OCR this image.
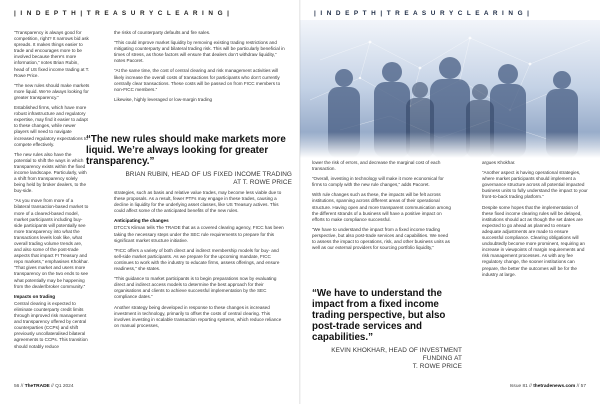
| I N D E P T H | T R E A S U R Y C L E A R I N G |

“Transparency is always good for competition, right? It narrows bid ask spreads. It makes things easier to trade and encourages more to be involved because there’s more information,” notes Brian Rubin, head of US fixed income trading at T. Rowe Price.

“The new rules should make markets more liquid. We’re always looking for greater transparency.”

Established firms, which have more robust infrastructure and regulatory expertise, may find it easier to adapt to these changes, while newer players will need to navigate increased regulatory expectations to compete effectively.

The new rules also have the potential to shift the ways in which transparency exists within the fixed income landscape. Particularly, with a shift from transparency solely being held by broker dealers, to the buy-side.

“As you move from more of a bilateral transaction-based market to more of a cleared-based model, market participants including buy-side participants will potentially see more transparency into what the transactions levels look like, what overall trading volume trends are, and also some of the post-trade aspects that impact FI Treasury and repo markets,” emphasises Khokhar. “That gives market and users more transparency on the two ends to see what potentially may be happening from the dealer/broker community.”

Impacts on trading

Central clearing is expected to eliminate counterparty credit limits through improved risk management and transparency offered by central counterparties (CCPs) and shift previously uncollateralised bilateral agreements to CCPs. This transition should notably reduce

the risks of counterparty defaults and fire sales.

“This could improve market liquidity by removing existing trading restrictions and mitigating counterparty and bilateral trading risk. This will be particularly beneficial in times of stress, as those factors will ensure that dealers don’t withdraw liquidity,” notes Pacoret.

“At the same time, the cost of central clearing and risk management activities will likely increase the overall costs of transactions for participants who don’t currently centrally clear transactions. These costs will be passed on from FICC members to non-FICC members.”

Likewise, highly leveraged or low-margin trading

“The new rules should make markets more liquid. We’re always looking for greater transparency.”
BRIAN RUBIN, HEAD OF US FIXED INCOME TRADING
AT T. ROWE PRICE

strategies, such as basis and relative value trades, may become less viable due to these proposals. As a result, fewer PTFs may engage in these trades, causing a decline in liquidity for the underlying asset classes, like US Treasury actives. This could affect some of the anticipated benefits of the new rules.

Anticipating the changes

DTCC’s Kliman tells The TRADE that as a covered clearing agency, FICC has been taking the necessary steps under the SEC rule requirements to prepare for this significant market structure initiative.

“FICC offers a variety of both direct and indirect membership models for buy- and sell-side market participants. As we prepare for the upcoming mandate, FICC continues to work with the industry to educate firms, assess offerings, and ensure readiness,” she states.

“This guidance to market participants is to begin preparations now by evaluating direct and indirect access models to determine the best approach for their organisations and clients to achieve successful implementation by the SEC compliance dates.”

Another strategy being developed in response to these changes is increased investment in technology, primarily to offset the costs of central clearing. This involves investing in scalable transaction reporting systems, which reduce reliance on manual processes,

56 // TheTRADE // Q1 2024
| I N D E P T H | T R E A S U R Y C L E A R I N G |

lower the risk of errors, and decrease the marginal cost of each transaction.

“Overall, investing in technology will make it more economical for firms to comply with the new rule changes,” adds Pacoret.

With rule changes such as these, the impacts will be felt across institutions, spanning across different areas of their operational structure. Having open and more transparent communication among the different strands of a business will have a positive impact on efforts to make compliance successful.

“We have to understand the impact from a fixed income trading perspective, but also post-trade services and capabilities. We need to assess the impact to operations, risk, and other business units as well as our external providers for sourcing portfolio liquidity,”

“We have to understand the impact from a fixed income trading perspective, but also post-trade services and capabilities.”
KEVIN KHOKHAR, HEAD OF INVESTMENT FUNDING AT
T. ROWE PRICE

argues Khokhar.

“Another aspect is having operational strategies, where market participants should implement a governance structure across all potential impacted business units to fully understand the impact to your front-to-back trading platform.”

Despite some hopes that the implementation of these fixed income clearing rules will be delayed, institutions should act as though the set dates are expected to go ahead as planned to ensure adequate adjustments are made to ensure successful compliance. Clearing obligations will undoubtedly become more prominent, requiring an increase in viewpoints of margin requirements and risk management processes. As with any fee regulatory change, the sooner institutions can prepare, the better the outcomes will be for the industry at large.

Issue 81 // thetradenews.com // 57
